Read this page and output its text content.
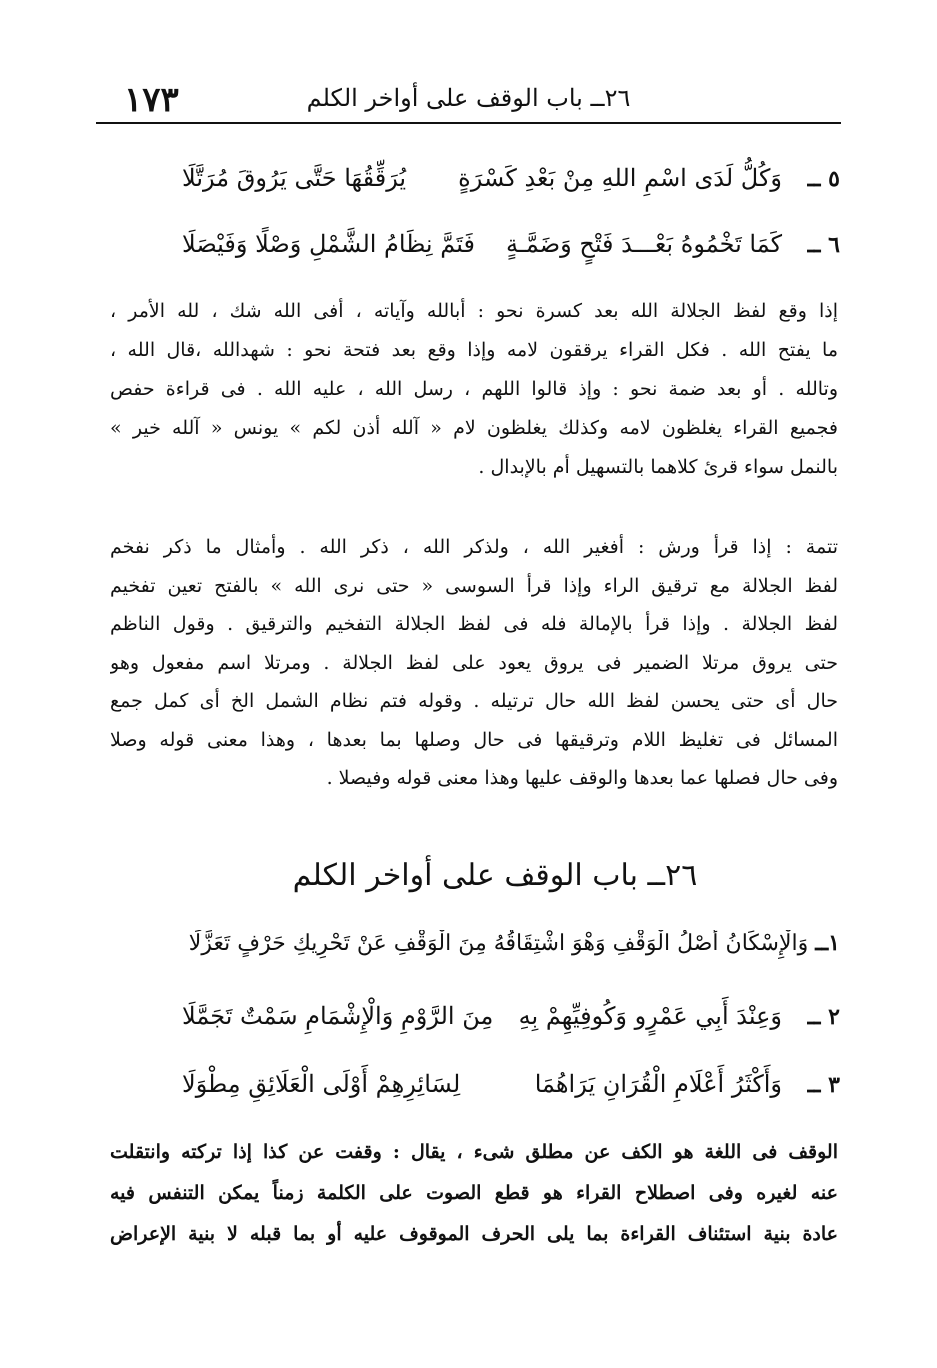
١٧٣	٢٦ــ باب الوقف على أواخر الكلم
٥ ــ
وَكُلُّ لَدَى اسْمِ اللهِ مِنْ بَعْدِ كَسْرَةٍ
يُرَقِّقُهَا حَتَّى يَرُوقَ مُرَتَّلَا
٦ ــ
كَمَا تَخْمُوهُ بَعْـــدَ فَتْحٍ وَضَمَّـةٍ
فَتَمَّ نِظَامُ الشَّمْلِ وَصْلًا وَفَيْصَلَا
إذا وقع لفظ الجلالة الله بعد كسرة نحو : أبالله وآياته ، أفى الله شك ، لله الأمر ،
ما يفتح الله . فكل القراء يرققون لامه وإذا وقع بعد فتحة نحو : شهدالله ،قال الله ،
وتالله . أو بعد ضمة نحو : وإذ قالوا اللهم ، رسل الله ، عليه الله . فى قراءة حفص
فجميع القراء يغلظون لامه وكذلك يغلظون لام « آلله أذن لكم » يونس « آلله خير »
بالنمل سواء قرئ كلاهما بالتسهيل أم بالإبدال .
تتمة : إذا قرأ ورش : أفغير الله ، ولذكر الله ، ذكر الله . وأمثال ما ذكر نفخم
لفظ الجلالة مع ترقيق الراء وإذا قرأ السوسى « حتى نرى الله » بالفتح تعين تفخيم
لفظ الجلالة . وإذا قرأ بالإمالة فله فى لفظ الجلالة التفخيم والترقيق . وقول الناظم
حتى يروق مرتلا الضمير فى يروق يعود على لفظ الجلالة . ومرتلا اسم مفعول وهو
حال أى حتى يحسن لفظ الله حال ترتيله . وقوله فتم نظام الشمل الخ أى كمل جمع
المسائل فى تغليظ اللام وترقيقها فى حال وصلها بما بعدها ، وهذا معنى قوله وصلا
وفى حال فصلها عما بعدها والوقف عليها وهذا معنى قوله وفيصلا .
٢٦ــ باب الوقف على أواخر الكلم
١ــ وَالْإِسْكَانُ أَصْلُ الْوَقْفِ وَهْوَ اشْتِقَاقُهُ مِنَ الْوَقْفِ عَنْ تَحْرِيكِ حَرْفٍ تَعَزَّلَا
٢ ــ
وَعِنْدَ أَبِي عَمْرٍو وَكُوفِيِّهِمْ بِهِ
مِنَ الرَّوْمِ وَالْإِشْمَامِ سَمْتٌ تَجَمَّلَا
٣ ــ
وَأَكْثَرُ أَعْلَامِ الْقُرَانِ يَرَاهُمَا
لِسَائِرِهِمْ أَوْلَى الْعَلَائِقِ مِطْوَلَا
الوقف فى اللغة هو الكف عن مطلق شىء ، يقال : وقفت عن كذا إذا تركته وانتقلت
عنه لغيره وفى اصطلاح القراء هو قطع الصوت على الكلمة زمناً يمكن التنفس فيه
عادة بنية استئناف القراءة بما يلى الحرف الموقوف عليه أو بما قبله لا بنية الإعراض
